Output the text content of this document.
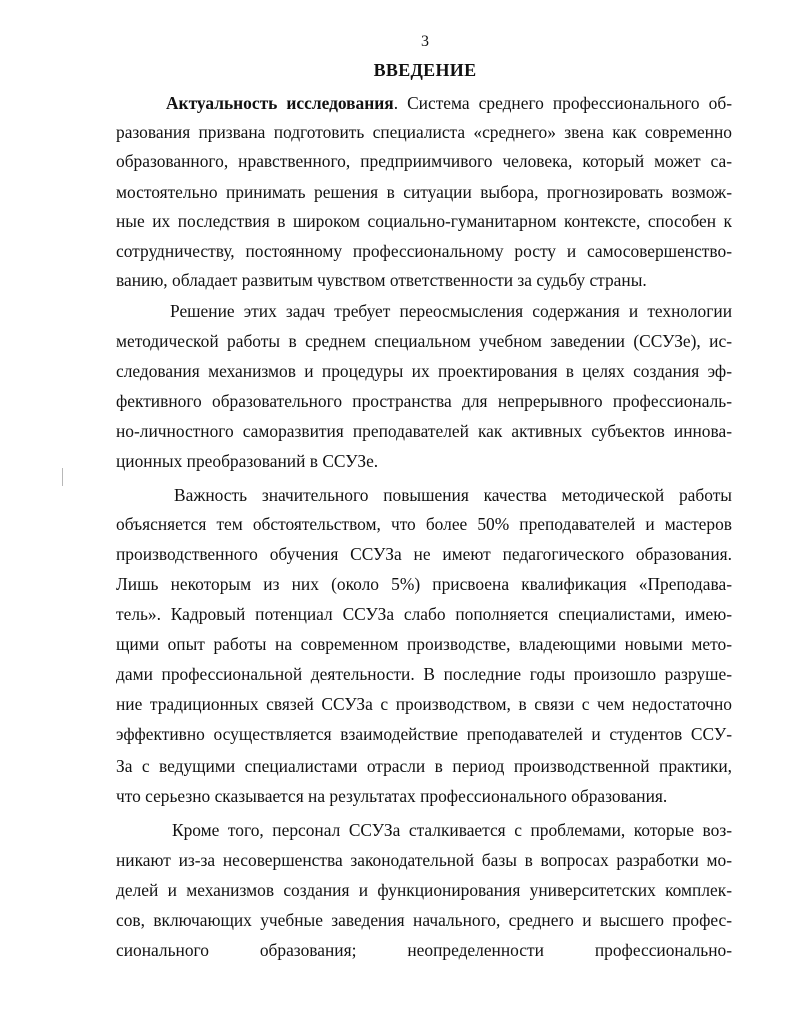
3
ВВЕДЕНИЕ
Актуальность исследования. Система среднего профессионального об-
разования призвана подготовить специалиста «среднего» звена как современно
образованного, нравственного, предприимчивого человека, который может са-
мостоятельно принимать решения в ситуации выбора, прогнозировать возмож-
ные их последствия в широком социально-гуманитарном контексте, способен к
сотрудничеству, постоянному профессиональному росту и самосовершенство-
ванию, обладает развитым чувством ответственности за судьбу страны.
Решение этих задач требует переосмысления содержания и технологии
методической работы в среднем специальном учебном заведении (ССУЗе), ис-
следования механизмов и процедуры их проектирования в целях создания эф-
фективного образовательного пространства для непрерывного профессиональ-
но-личностного саморазвития преподавателей как активных субъектов иннова-
ционных преобразований в ССУЗе.
Важность значительного повышения качества методической работы
объясняется тем обстоятельством, что более 50% преподавателей и мастеров
производственного обучения ССУЗа не имеют педагогического образования.
Лишь некоторым из них (около 5%) присвоена квалификация «Преподава-
тель». Кадровый потенциал ССУЗа слабо пополняется специалистами, имею-
щими опыт работы на современном производстве, владеющими новыми мето-
дами профессиональной деятельности. В последние годы произошло разруше-
ние традиционных связей ССУЗа с производством, в связи с чем недостаточно
эффективно осуществляется взаимодействие преподавателей и студентов ССУ-
За с ведущими специалистами отрасли в период производственной практики,
что серьезно сказывается на результатах профессионального образования.
Кроме того, персонал ССУЗа сталкивается с проблемами, которые воз-
никают из-за несовершенства законодательной базы в вопросах разработки мо-
делей и механизмов создания и функционирования университетских комплек-
сов, включающих учебные заведения начального, среднего и высшего профес-
сионального образования; неопределенности профессионально-
